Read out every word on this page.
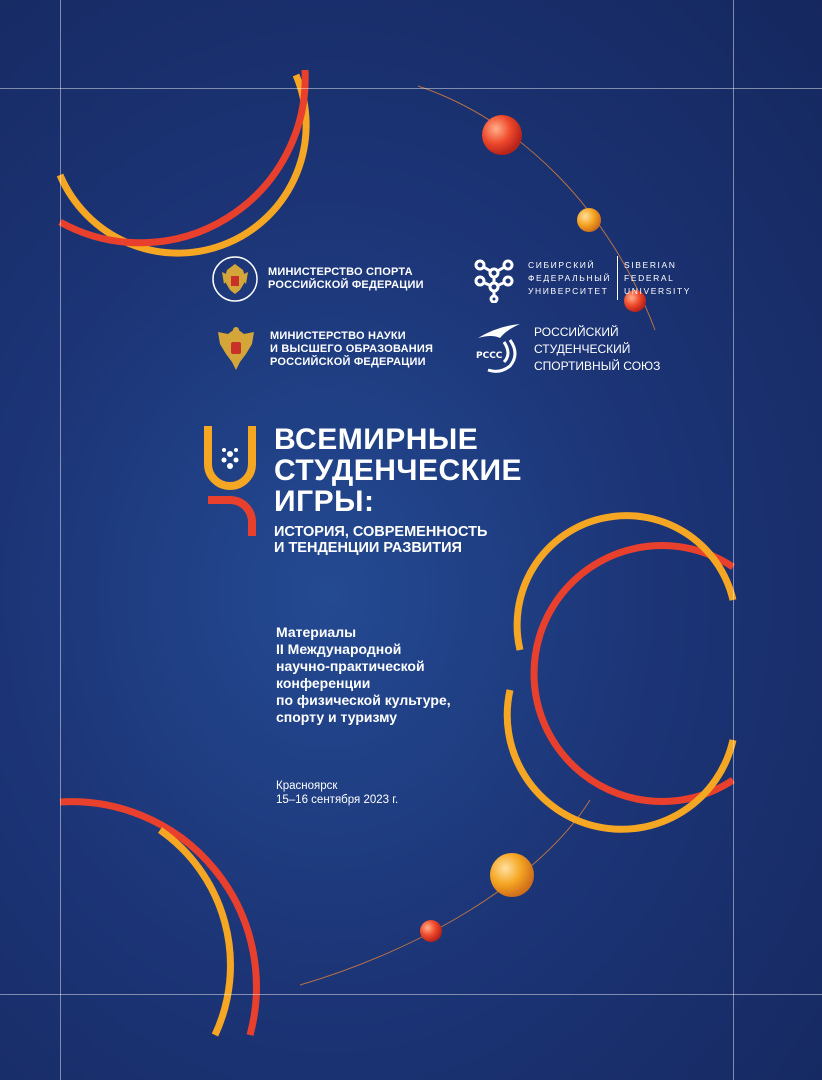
МИНИСТЕРСТВО СПОРТА
РОССИЙСКОЙ ФЕДЕРАЦИИ
МИНИСТЕРСТВО НАУКИ
И ВЫСШЕГО ОБРАЗОВАНИЯ
РОССИЙСКОЙ ФЕДЕРАЦИИ
СИБИРСКИЙ
ФЕДЕРАЛЬНЫЙ
УНИВЕРСИТЕТ
SIBERIAN
FEDERAL
UNIVERSITY
РССС
РОССИЙСКИЙ
СТУДЕНЧЕСКИЙ
СПОРТИВНЫЙ СОЮЗ
ВСЕМИРНЫЕ
СТУДЕНЧЕСКИЕ
ИГРЫ:
ИСТОРИЯ, СОВРЕМЕННОСТЬ
И ТЕНДЕНЦИИ РАЗВИТИЯ
Материалы
II Международной
научно-практической
конференции
по физической культуре,
спорту и туризму
Красноярск
15–16 сентября 2023 г.
